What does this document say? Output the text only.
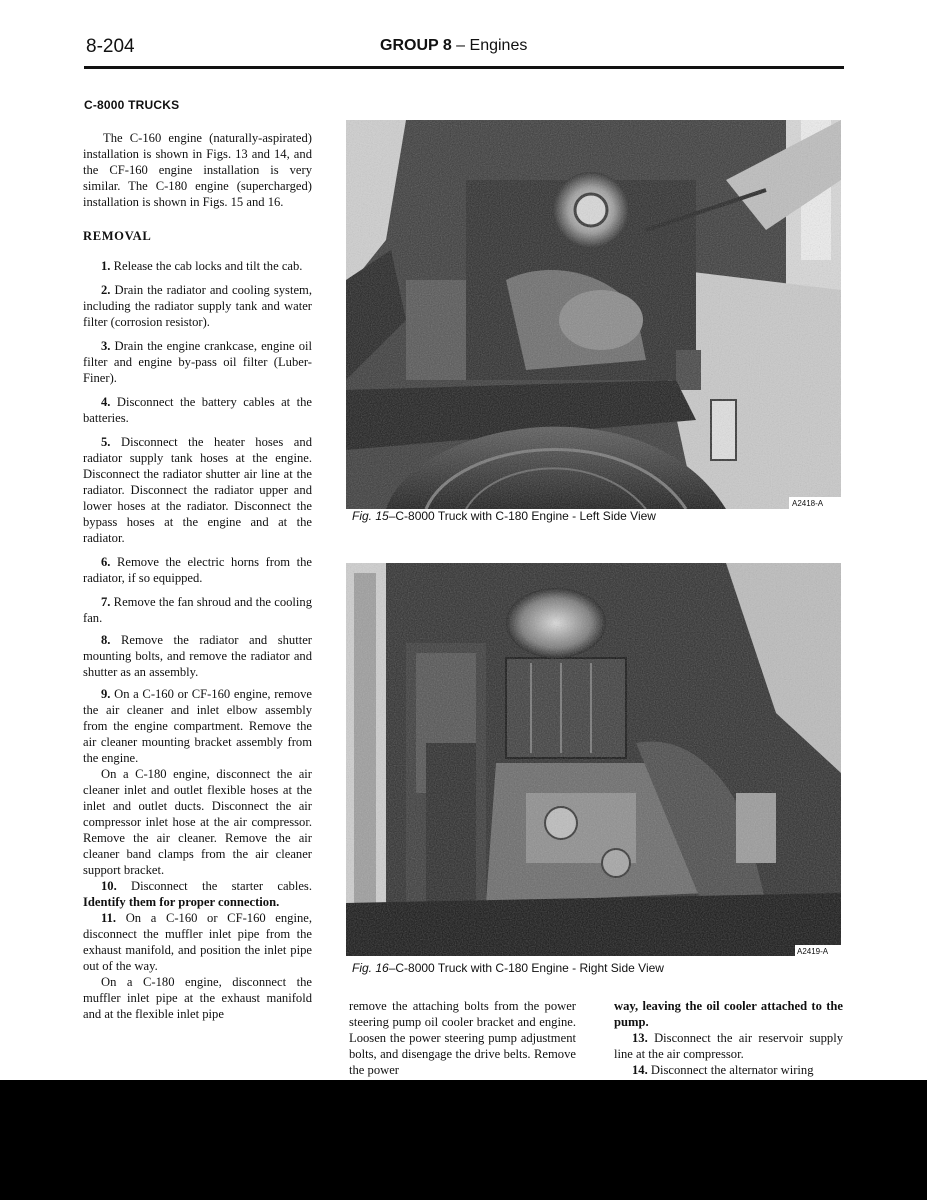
8-204	GROUP 8 – Engines
C-8000 TRUCKS

The C-160 engine (naturally-aspirated) installation is shown in Figs. 13 and 14, and the CF-160 engine installation is very similar. The C-180 engine (supercharged) installation is shown in Figs. 15 and 16.

REMOVAL

1. Release the cab locks and tilt the cab.

2. Drain the radiator and cooling system, including the radiator supply tank and water filter (corrosion resistor).

3. Drain the engine crankcase, engine oil filter and engine by-pass oil filter (Luber-Finer).

4. Disconnect the battery cables at the batteries.

5. Disconnect the heater hoses and radiator supply tank hoses at the engine. Disconnect the radiator shutter air line at the radiator. Disconnect the radiator upper and lower hoses at the radiator. Disconnect the bypass hoses at the engine and at the radiator.

6. Remove the electric horns from the radiator, if so equipped.

7. Remove the fan shroud and the cooling fan.

8. Remove the radiator and shutter mounting bolts, and remove the radiator and shutter as an assembly.

9. On a C-160 or CF-160 engine, remove the air cleaner and inlet elbow assembly from the engine compartment. Remove the air cleaner mounting bracket assembly from the engine.

On a C-180 engine, disconnect the air cleaner inlet and outlet flexible hoses at the inlet and outlet ducts. Disconnect the air compressor inlet hose at the air compressor. Remove the air cleaner. Remove the air cleaner band clamps from the air cleaner support bracket.

10. Disconnect the starter cables. Identify them for proper connection.

11. On a C-160 or CF-160 engine, disconnect the muffler inlet pipe from the exhaust manifold, and position the inlet pipe out of the way.

On a C-180 engine, disconnect the muffler inlet pipe at the exhaust manifold and at the flexible inlet pipe

A2418-A
Fig. 15–C-8000 Truck with C-180 Engine - Left Side View
A2419-A
Fig. 16–C-8000 Truck with C-180 Engine - Right Side View

remove the attaching bolts from the power steering pump oil cooler bracket and engine. Loosen the power steering pump adjustment bolts, and disengage the drive belts. Remove the power

way, leaving the oil cooler attached to the pump.

13. Disconnect the air reservoir supply line at the air compressor.

14. Disconnect the alternator wiring
